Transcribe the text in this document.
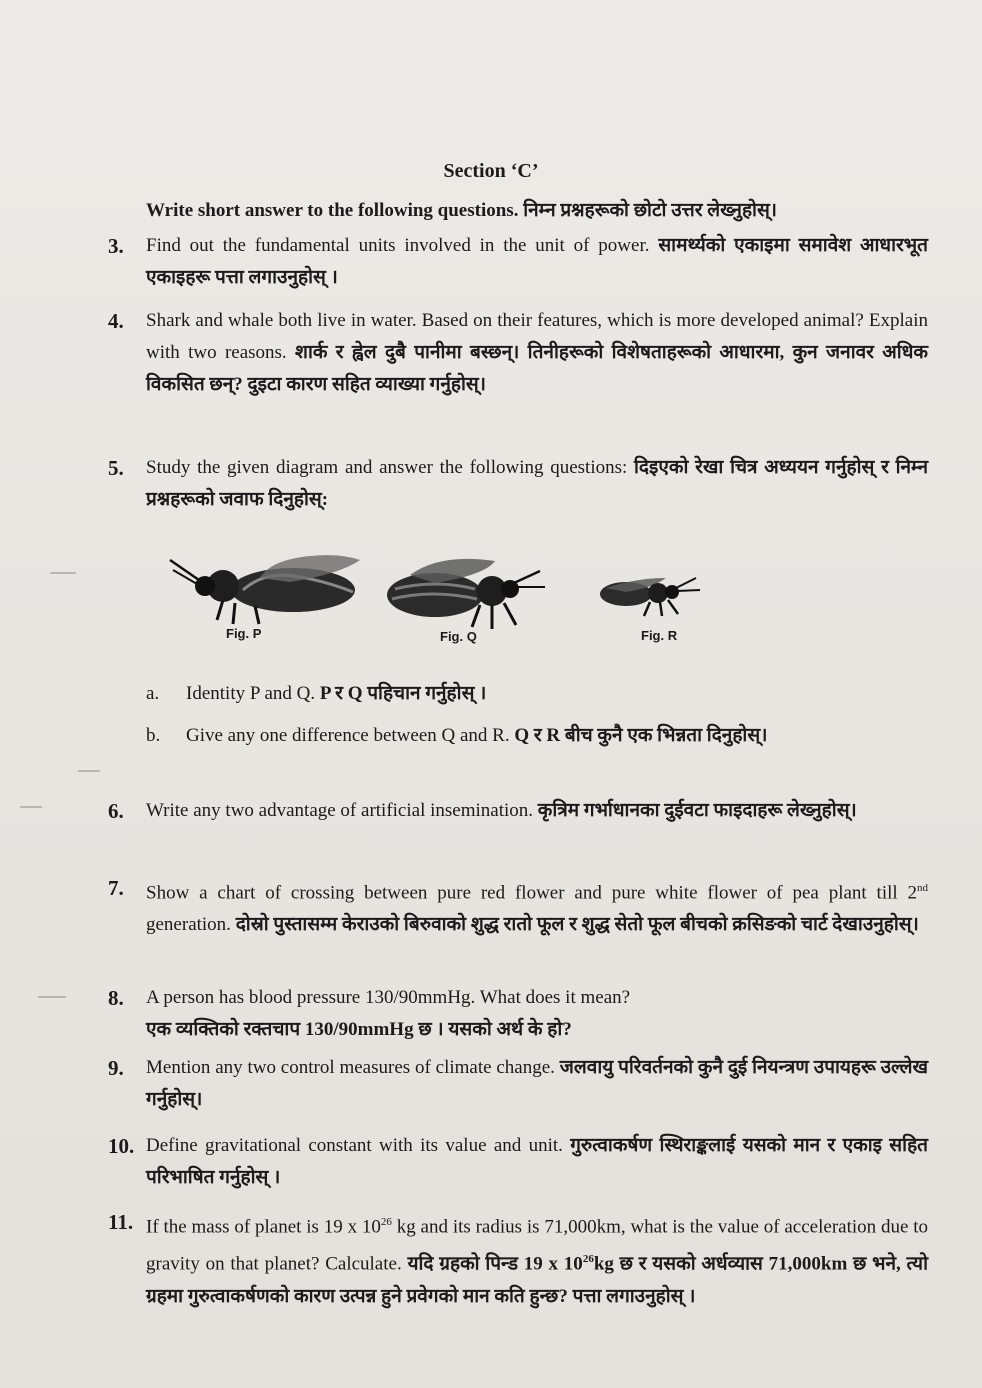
Section ‘C’
Write short answer to the following questions. निम्न प्रश्नहरूको छोटो उत्तर लेख्नुहोस्।
3.	Find out the fundamental units involved in the unit of power. सामर्थ्यको एकाइमा समावेश आधारभूत एकाइहरू पत्ता लगाउनुहोस् ।
4.	Shark and whale both live in water. Based on their features, which is more developed animal? Explain with two reasons. शार्क र ह्वेल दुबै पानीमा बस्छन्। तिनीहरूको विशेषताहरूको आधारमा, कुन जनावर अधिक विकसित छन्? दुइटा कारण सहित व्याख्या गर्नुहोस्।
5.	Study the given diagram and answer the following questions: दिइएको रेखा चित्र अध्ययन गर्नुहोस् र निम्न प्रश्नहरूको जवाफ दिनुहोस्:
Fig. P	Fig. Q	Fig. R
a. Identity P and Q. P र Q पहिचान गर्नुहोस् ।
b. Give any one difference between Q and R. Q र R बीच कुनै एक भिन्नता दिनुहोस्।
6.	Write any two advantage of artificial insemination. कृत्रिम गर्भाधानका दुईवटा फाइदाहरू लेख्नुहोस्।
7.	Show a chart of crossing between pure red flower and pure white flower of pea plant till 2nd generation. दोस्रो पुस्तासम्म केराउको बिरुवाको शुद्ध रातो फूल र शुद्ध सेतो फूल बीचको क्रसिङको चार्ट देखाउनुहोस्।
8.	A person has blood pressure 130/90mmHg. What does it mean?
एक व्यक्तिको रक्तचाप 130/90mmHg छ । यसको अर्थ के हो?
9.	Mention any two control measures of climate change. जलवायु परिवर्तनको कुनै दुई नियन्त्रण उपायहरू उल्लेख गर्नुहोस्।
10. Define gravitational constant with its value and unit. गुरुत्वाकर्षण स्थिराङ्कलाई यसको मान र एकाइ सहित परिभाषित गर्नुहोस् ।
11. If the mass of planet is 19 x $10^{26}$ kg and its radius is 71,000km, what is the value of acceleration due to gravity on that planet? Calculate. यदि ग्रहको पिन्ड 19 x $10^{26}kg$ छ र यसको अर्धव्यास 71,000km छ भने, त्यो ग्रहमा गुरुत्वाकर्षणको कारण उत्पन्न हुने प्रवेगको मान कति हुन्छ? पत्ता लगाउनुहोस् ।
